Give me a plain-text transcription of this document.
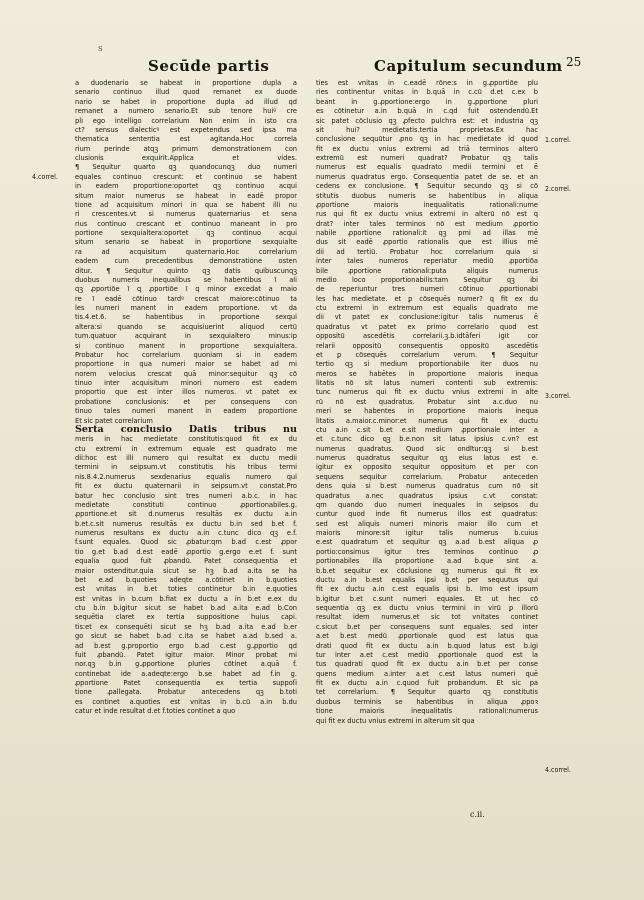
s
Secūde partis	Capitulum secundum 25
a duodenario se habeat in proportione dupla a
senario continuo illud quod remanet ex duode
nario se habet in proportione dupla ad illud qd
remanet a numero senario.Et sub tenore huiꝰ cre
pli ego intelligo correlarium Non enim in isto cra
ct? sensus dialecticꝰ est expetendus sed ipsa ma
thematica sententia est agitanda.Hoc correla
rium perinde atqꝫ primum demonstrationem con
clusionis exquirit.Applica et vides.
¶ Sequitur quarto qꝫ quandocunqꝫ duo numeri
equales continuo crescunt: et continuo se habent
in eadem proportione:oportet qꝫ continuo acqui
situm maior numerus se habeat in eadē propor
tione ad acquisitum minori in qua se habent illi nu
ri crescentes.vt si numerus quaternarius et sena
rius continuo crescant et continuo maneant in pro
portione sexquialtera:oportet qꝫ continuo acqui
situm senario se habeat in proportione sexquialte
ra ad acquisitum quaternario.Hoc correlarium
eadem cum precedentibus demonstratione osten
ditur. ¶ Sequitur quinto qꝫ datis quibuscunqꝫ
duobus numeris inequalibus se habentibus ī ali
qꝫ ꝓportiōe ī q ꝓportiōe ī q minor excedat a maio
re ī eadē cōtinuo tardꝰ crescat maiore:cōtinuo ta
les numeri manent in eadem proportione. vt da
tis.4.et.6. se habentibus in proportione sexqui
altera:si quando se acquisiuerint aliquod certū
tum.quatuor acquirant in sexquialtero minus:ip
si continuo manent in proportione sexquialtera.
Probatur hoc correlarium quoniam si in eadem
proportione in qua numeri maior se habet ad mi
norem velocius crescat quā minor:sequitur qꝫ cō
tinuo inter acquisitum minori numero est eadem
proportio que est inter illos numeros. vt patet ex
probatione conclusionis: et per consequens con
tinuo tales numeri manent in eadem proportione
Et sic patet correlarium
Serta conclusio Datis tribus nu
meris in hac medietate constitutis:quod fit ex du
ctu extremi in extremum equale est quadrato me
dii:hoc est illi numero qui resultat ex ductu medii
termini in seipsum.vt constitutis his tribus termi
nis.8.4.2.numerus sexdenarius equalis numero qui
fit ex ductu quaternarii in seipsum.vt constat.Pro
batur hec conclusio sint tres numeri a.b.c. in hac
medietate constituti continuo ꝓportionabiles.g.
ꝓportione.et sit d.numerus resultās ex ductu a.in
b.et.c.sit numerus resultās ex ductu b.in sed b.et f.
numerus resultans ex ductu a.in c.tunc dico qꝫ e.f.
f.sunt equales. Quod sic ꝓbatur:qm b.ad c.est ꝓpor
tio g.et b.ad d.est eadē ꝓportio g.ergo e.et f. sunt
equalia quod fuit ꝓbandū. Patet consequentia et
maior ostenditur.quia sicut se hꝫ b.ad a.ita se ha
bet e.ad b.quoties adeqte a.cōtinet in b.quoties
est vnitas in b.et toties continetur b.in e.quoties
est vnitas in b.cum b.fiat ex ductu a in b.et e.ex du
ctu b.in b.igitur sicut se habet b.ad a.ita e.ad b.Con
sequētia claret ex tertia suppositione huius capi.
tis:et ex consequēti sicut se hꝫ b.ad a.ita e.ad b.er
go sicut se habet b.ad c.ita se habet a.ad b.sed a.
ad b.est g.proportio ergo b.ad c.est g.ꝓportio qd
fuit ꝓbandū. Patet igitur maior. Minor probat mi
nor.qꝫ b.in g.ꝓportione pluries cōtinet a.quā f.
continebat ide a.adeqte:ergo b.se habet ad f.in g.
ꝓportione Patet consequentia ex tertia suppoſi
tione ꝓallegata. Probatur antecedens qꝫ b.toti
es continet a.quoties est vnitas in b.cū a.in b.du
catur et inde resultat d.et f.toties continet a quo
ties est vnitas in c.eadē rōne:s in g.ꝓportiōe plu
ries continentur vnitas in b.quā in c.cū d.et c.ex b
beant in g.ꝓportione:ergo in g.ꝓportione pluri
es cōtinetur a.in b.quā in c.qd fuit ostendendū.Et
sic patet cōclusio qꝫ ꝓfecto pulchra est: et industria qꝫ
sit hui? medietatis.tertia proprietas.Ex hac
conclusione sequūtur ꝓno qꝫ in hac medietate id quod
fit ex ductu vnius extremi ad triā terminos alterū
extremū est numeri quadrat? Probatur qꝫ talis
numerus est equalis quadrato medii termini et ē
numerus quadratus ergo. Consequentia patet de se. et an
cedens ex conclusione. ¶ Sequitur secundo qꝫ si cō
stitutis duobus numeris se habentibus in aliqua
ꝓportione maioris inequalitatis rationali:nume
rus qui fit ex ductu vnius extremi in alterū nō est q
drat? inter tales terminos nō est medium ꝓportio
nabile ꝓportione rationali:it qꝫ pmi ad illas mē
dus sit eadē ꝓportio rationalis que est illius mē
dii ad tertiū. Probatur hoc correlarium quia si
inter tales numeros reperiatur mediū ꝓportiōa
bile ꝓportione rationali:puta aliquis numerus
medio loco proportionabilis:tam Sequitur qꝫ ibi
de reperiuntur tres numeri cōtinuo ꝓportionabi
les hac medietate. et ꝑ cōsequēs numer? q fit ex du
ctu extremi in extremum est equalis quadrato me
dii vt patet ex conclusione:igitur talis numerus ē
quadratus vt patet ex primo correlario quod est
oppositū ascedētis correlarii.ꝫ.b.idtāferi igit cor
relarii oppositū consequentis oppositū ascedētis
et ꝑ cōsequēs correlarium verum. ¶ Sequitur
tertio qꝫ si medium proportionabile iter duos nu
meros se habētes in proportione maioris inequa
litatis nō sit latus numeri contenti sub extremis:
tunc numerus qui fit ex ductu vnius extremi in alte
rū nō est quadratus. Probatur sint a.c.duo nu
meri se habentes in proportione maioris inequa
litatis a.maior.c.minor:et numerus qui fit ex ductu
ctu a.in c.sit b.et e.sit medium ꝓportionale inter a
et c.tunc dico qꝫ b.e.non sit latus ipsius c.vn? est
numerus quadratus. Quod sic ondītur:qꝫ si b.est
numerus quadratus sequitur qꝫ eius latus est e.
igitur ex opposito sequitur oppositum et per con
sequens sequitur correlarium. Probatur anteceden
dens quia si b.est numerus quadratus cum nō sit
quadratus a.nec quadratus ipsius c.vt constat:
qm quando duo numeri inequales in seipsos du
cuntur quod inde fit numerus illos est quadratus:
sed est aliquis numeri minoris maior illo cum et
maioris minore:sit igitur talis numerus b.cuius
e.est quadratum et sequitur qꝫ a.ad b.est aliqua ꝓ
portio:consimus igitur tres terminos continuo ꝓ
portionabiles illa proportione a.ad b.que sint a.
b.b.et sequitur ex cōclusione qꝫ numerus qui fit ex
ductu a.in b.est equalis ipsi b.et per sequutus qui
fit ex ductu a.in c.est equalis ipsi b. Imo est ipsum
b.igitur b.et c.sunt numeri equales. Et ut hec cō
sequentia qꝫ ex ductu vnius termini in virū ꝑ illorū
resultat idem numerus.et sic tot vnitates continet
c.sicut b.et per consequens sunt equales. sed inter
a.et b.est medū ꝓportionale quod est latus qua
drati quod fit ex ductu a.in b.quod latus est b.igi
tur inter a.et c.est mediū ꝓportionale quod est la
tus quadrati quod fit ex ductu a.in b.et per conse
quens medium a.inter a.et c.est latus numeri quē
fit ex ductu a.in c.quod fuit probandum. Et sic pa
tet correlarium. ¶ Sequitur quarto qꝫ constitutis
duobus terminis se habentibus in aliqua ꝓpoꝛ
tione maioris inequalitatis rationali:numerus
qui fit ex ductu vnius extremi in alterum sit qua
4.correl.
1.correl.
2.correl.
3.correl.
4.correl.
c.ii.
